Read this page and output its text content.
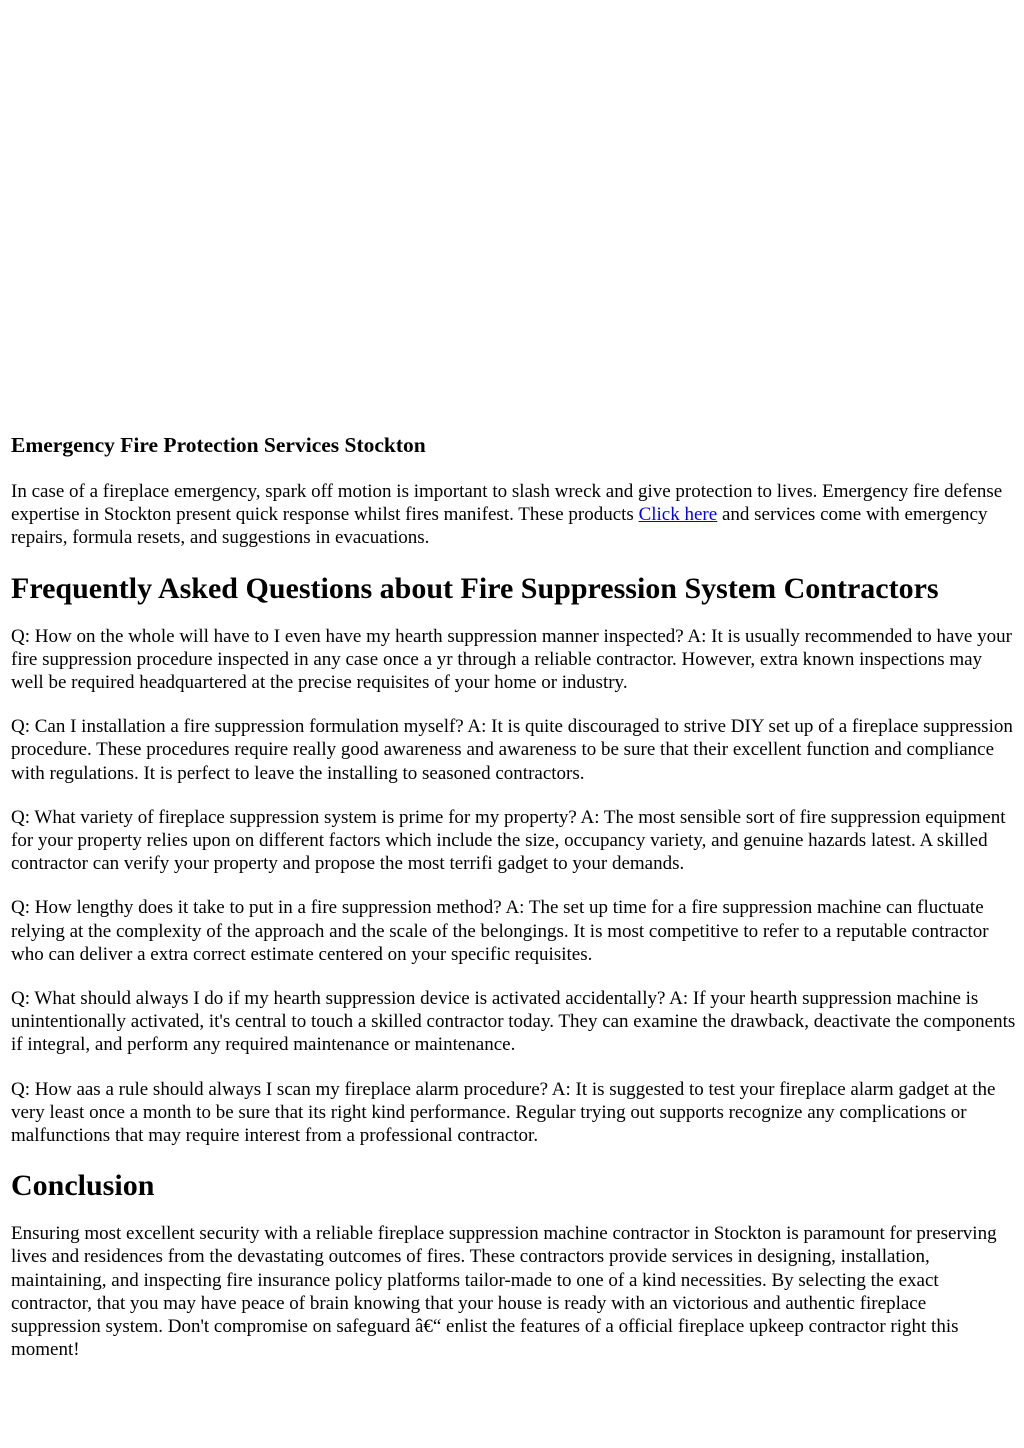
Emergency Fire Protection Services Stockton

In case of a fireplace emergency, spark off motion is important to slash wreck and give protection to lives. Emergency fire defense expertise in Stockton present quick response whilst fires manifest. These products Click here and services come with emergency repairs, formula resets, and suggestions in evacuations.

Frequently Asked Questions about Fire Suppression System Contractors

Q: How on the whole will have to I even have my hearth suppression manner inspected? A: It is usually recommended to have your fire suppression procedure inspected in any case once a yr through a reliable contractor. However, extra known inspections may well be required headquartered at the precise requisites of your home or industry.

Q: Can I installation a fire suppression formulation myself? A: It is quite discouraged to strive DIY set up of a fireplace suppression procedure. These procedures require really good awareness and awareness to be sure that their excellent function and compliance with regulations. It is perfect to leave the installing to seasoned contractors.

Q: What variety of fireplace suppression system is prime for my property? A: The most sensible sort of fire suppression equipment for your property relies upon on different factors which include the size, occupancy variety, and genuine hazards latest. A skilled contractor can verify your property and propose the most terrifi gadget to your demands.

Q: How lengthy does it take to put in a fire suppression method? A: The set up time for a fire suppression machine can fluctuate relying at the complexity of the approach and the scale of the belongings. It is most competitive to refer to a reputable contractor who can deliver a extra correct estimate centered on your specific requisites.

Q: What should always I do if my hearth suppression device is activated accidentally? A: If your hearth suppression machine is unintentionally activated, it's central to touch a skilled contractor today. They can examine the drawback, deactivate the components if integral, and perform any required maintenance or maintenance.

Q: How aas a rule should always I scan my fireplace alarm procedure? A: It is suggested to test your fireplace alarm gadget at the very least once a month to be sure that its right kind performance. Regular trying out supports recognize any complications or malfunctions that may require interest from a professional contractor.

Conclusion

Ensuring most excellent security with a reliable fireplace suppression machine contractor in Stockton is paramount for preserving lives and residences from the devastating outcomes of fires. These contractors provide services in designing, installation, maintaining, and inspecting fire insurance policy platforms tailor-made to one of a kind necessities. By selecting the exact contractor, that you may have peace of brain knowing that your house is ready with an victorious and authentic fireplace suppression system. Don't compromise on safeguard â€“ enlist the features of a official fireplace upkeep contractor right this moment!
